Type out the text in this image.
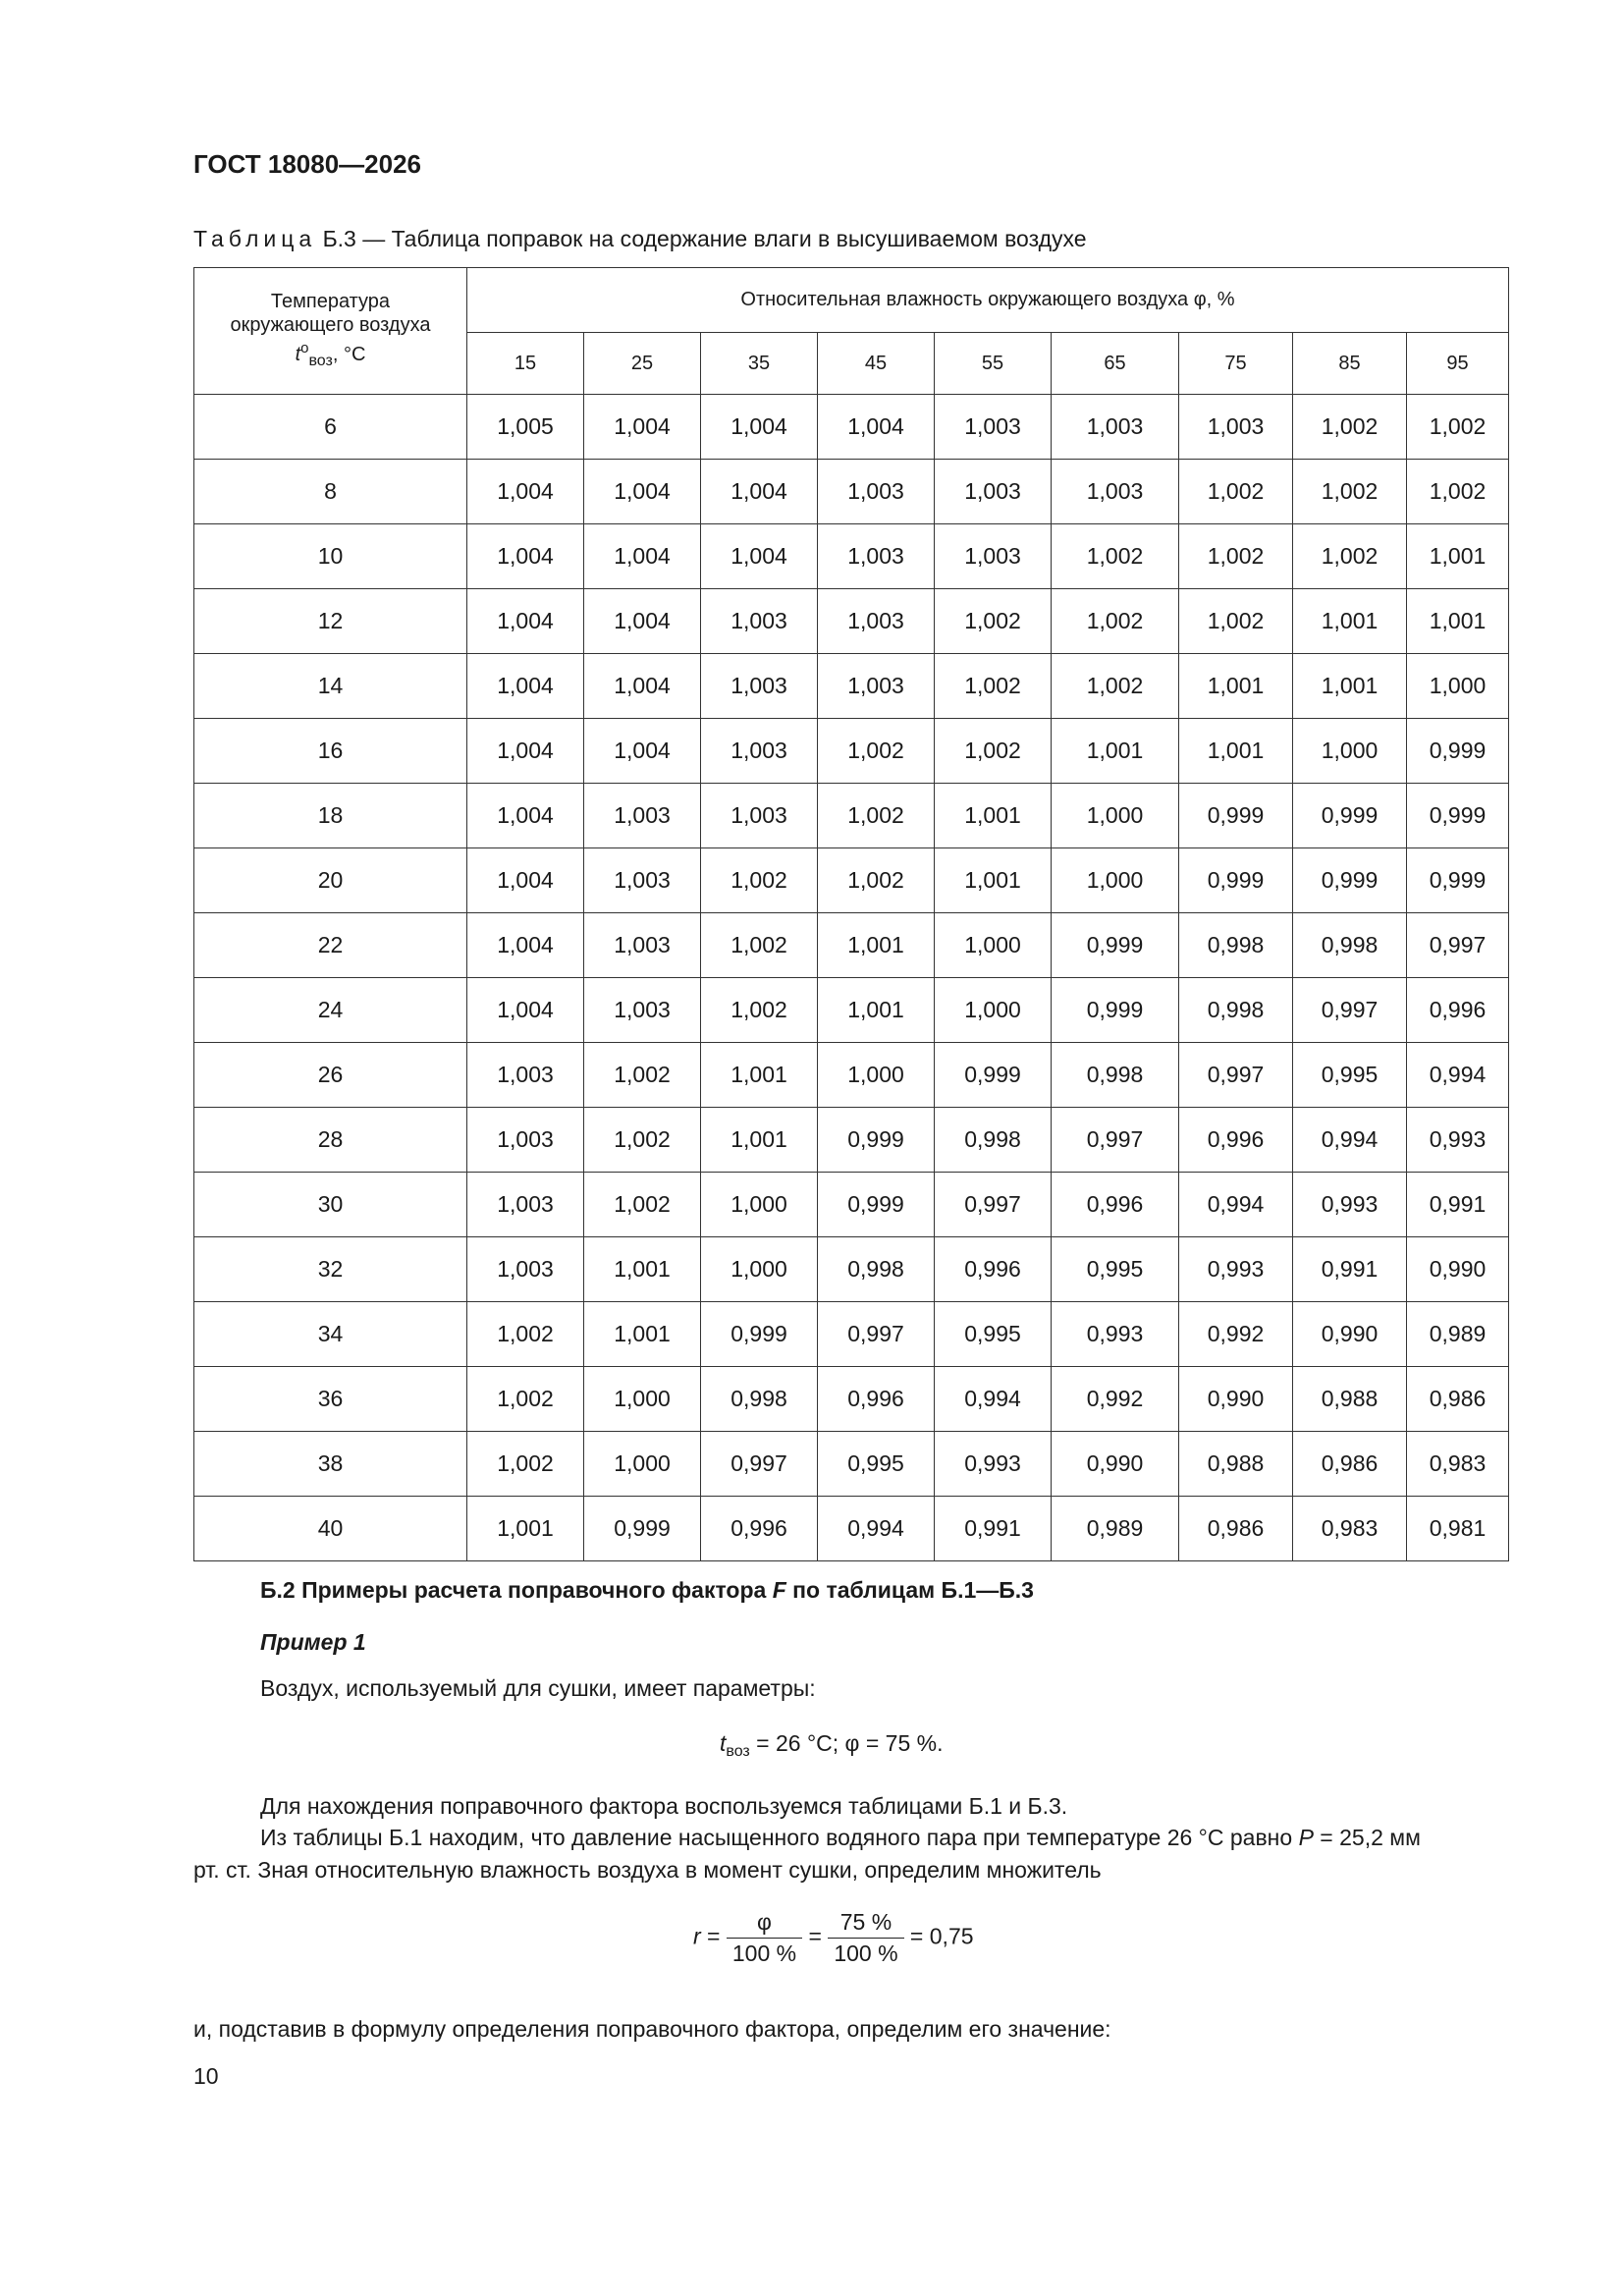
ГОСТ 18080—2026
Таблица Б.3 — Таблица поправок на содержание влаги в высушиваемом воздухе
Температура
окружающего воздуха
$t^о_{воз}$, °C	Относительная влажность окружающего воздуха φ, %								
	15	25	35	45	55	65	75	85	95
6	1,005	1,004	1,004	1,004	1,003	1,003	1,003	1,002	1,002
8	1,004	1,004	1,004	1,003	1,003	1,003	1,002	1,002	1,002
10	1,004	1,004	1,004	1,003	1,003	1,002	1,002	1,002	1,001
12	1,004	1,004	1,003	1,003	1,002	1,002	1,002	1,001	1,001
14	1,004	1,004	1,003	1,003	1,002	1,002	1,001	1,001	1,000
16	1,004	1,004	1,003	1,002	1,002	1,001	1,001	1,000	0,999
18	1,004	1,003	1,003	1,002	1,001	1,000	0,999	0,999	0,999
20	1,004	1,003	1,002	1,002	1,001	1,000	0,999	0,999	0,999
22	1,004	1,003	1,002	1,001	1,000	0,999	0,998	0,998	0,997
24	1,004	1,003	1,002	1,001	1,000	0,999	0,998	0,997	0,996
26	1,003	1,002	1,001	1,000	0,999	0,998	0,997	0,995	0,994
28	1,003	1,002	1,001	0,999	0,998	0,997	0,996	0,994	0,993
30	1,003	1,002	1,000	0,999	0,997	0,996	0,994	0,993	0,991
32	1,003	1,001	1,000	0,998	0,996	0,995	0,993	0,991	0,990
34	1,002	1,001	0,999	0,997	0,995	0,993	0,992	0,990	0,989
36	1,002	1,000	0,998	0,996	0,994	0,992	0,990	0,988	0,986
38	1,002	1,000	0,997	0,995	0,993	0,990	0,988	0,986	0,983
40	1,001	0,999	0,996	0,994	0,991	0,989	0,986	0,983	0,981
Б.2 Примеры расчета поправочного фактора F по таблицам Б.1—Б.3
Пример 1
Воздух, используемый для сушки, имеет параметры:
$t_{воз} = 26$ °C; φ = 75 %.
Для нахождения поправочного фактора воспользуемся таблицами Б.1 и Б.3.
Из таблицы Б.1 находим, что давление насыщенного водяного пара при температуре 26 °C равно P = 25,2 мм
рт. ст. Зная относительную влажность воздуха в момент сушки, определим множитель
$r = \frac{\varphi}{100 \%} = \frac{75 \%}{100 \%} = 0,75$
и, подставив в формулу определения поправочного фактора, определим его значение:
10
